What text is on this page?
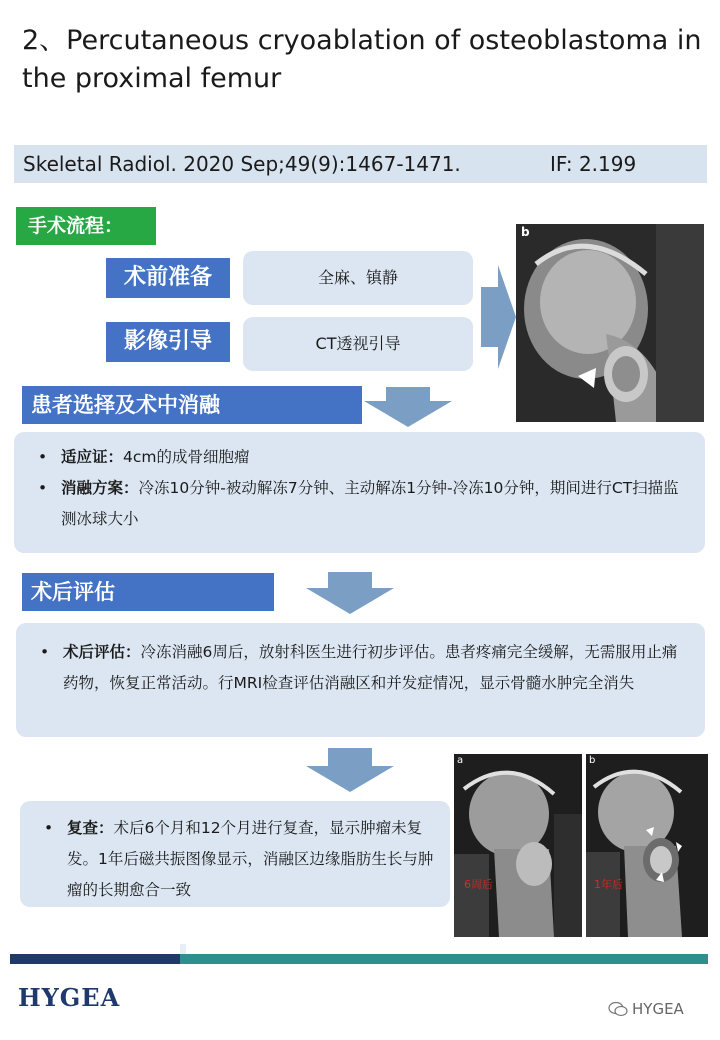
2、Percutaneous cryoablation of osteoblastoma in the proximal femur
Skeletal Radiol. 2020 Sep;49(9):1467-1471.	IF: 2.199
手术流程：
术前准备
影像引导
全麻、镇静
CT透视引导
b
患者选择及术中消融
• 适应证：4cm的成骨细胞瘤
• 消融方案：冷冻10分钟-被动解冻7分钟、主动解冻1分钟-冷冻10分钟，期间进行CT扫描监测冰球大小
术后评估
• 术后评估：冷冻消融6周后，放射科医生进行初步评估。患者疼痛完全缓解，无需服用止痛药物，恢复正常活动。行MRI检查评估消融区和并发症情况，显示骨髓水肿完全消失
• 复查：术后6个月和12个月进行复查，显示肿瘤未复发。1年后磁共振图像显示，消融区边缘脂肪生长与肿瘤的长期愈合一致
a
6周后
b
1年后
HYGEA	HYGEA
